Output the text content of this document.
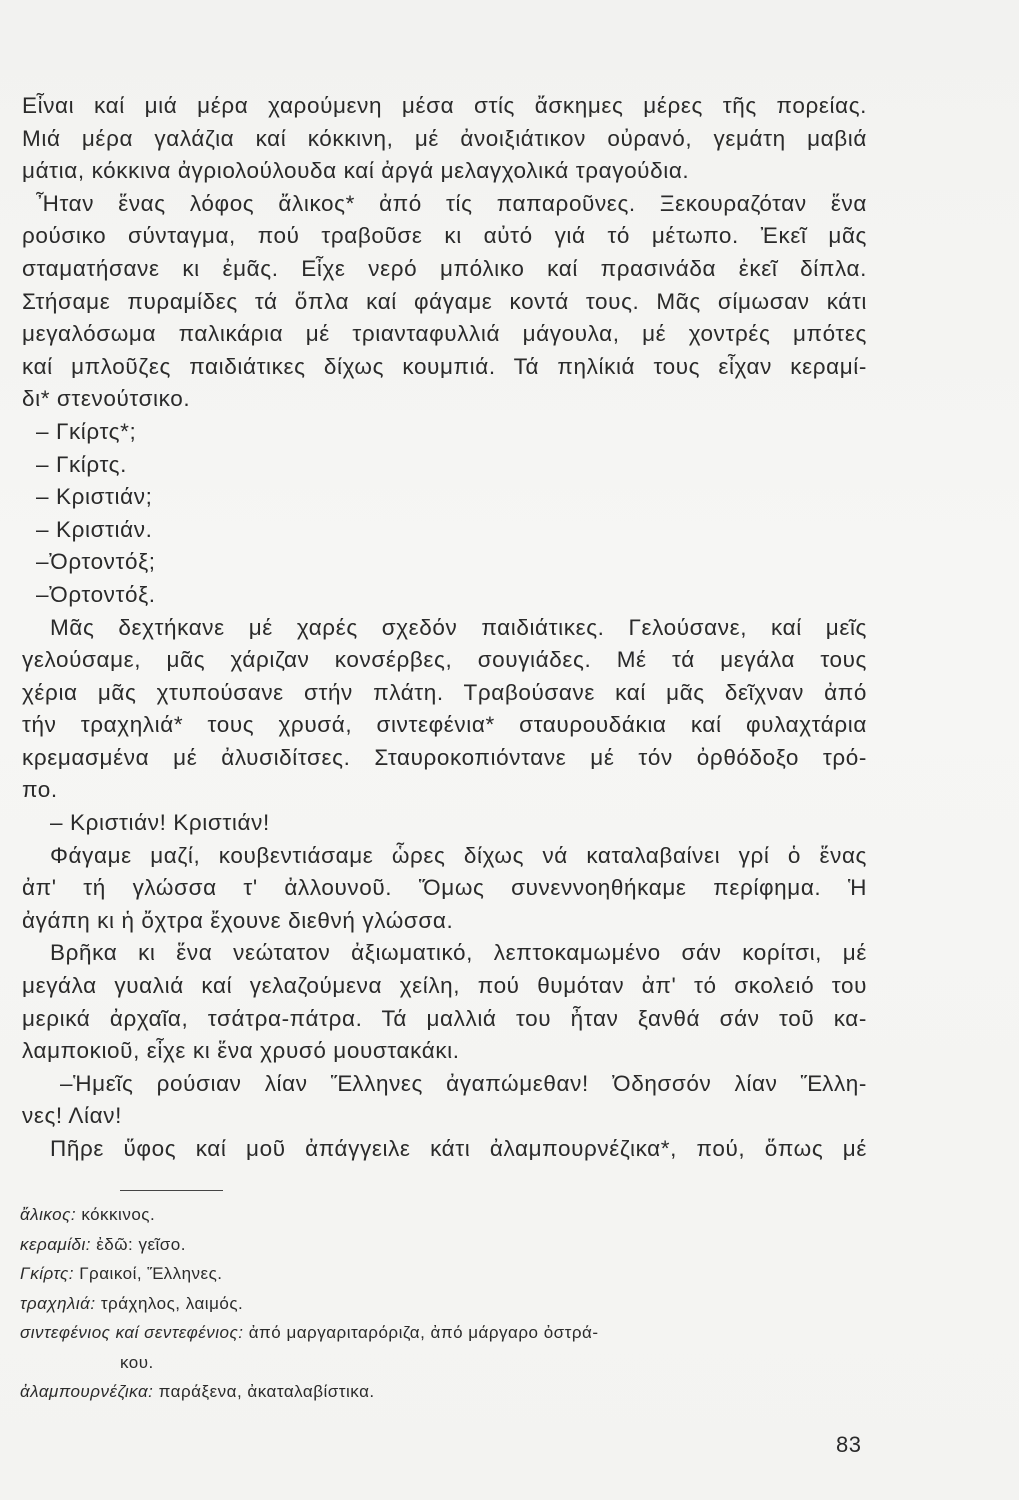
Εἶναι καί μιά μέρα χαρούμενη μέσα στίς ἄσκημες μέρες τῆς πορείας.
Μιά μέρα γαλάζια καί κόκκινη, μέ ἀνοιξιάτικον οὐρανό, γεμάτη μαβιά
μάτια, κόκκινα ἀγριολούλουδα καί ἀργά μελαγχολικά τραγούδια.
Ἦταν ἕνας λόφος ἄλικος* ἀπό τίς παπαροῦνες. Ξεκουραζόταν ἕνα
ρούσικο σύνταγμα, πού τραβοῦσε κι αὐτό γιά τό μέτωπο. Ἐκεῖ μᾶς
σταματήσανε κι ἐμᾶς. Εἶχε νερό μπόλικο καί πρασινάδα ἐκεῖ δίπλα.
Στήσαμε πυραμίδες τά ὅπλα καί φάγαμε κοντά τους. Μᾶς σίμωσαν κάτι
μεγαλόσωμα παλικάρια μέ τριανταφυλλιά μάγουλα, μέ χοντρές μπότες
καί μπλοῦζες παιδιάτικες δίχως κουμπιά. Τά πηλίκιά τους εἶχαν κεραμί-
δι* στενούτσικο.
– Γκίρτς*;
– Γκίρτς.
– Κριστιάν;
– Κριστιάν.
–Ὀρτοντόξ;
–Ὀρτοντόξ.
Μᾶς δεχτήκανε μέ χαρές σχεδόν παιδιάτικες. Γελούσανε, καί μεῖς
γελούσαμε, μᾶς χάριζαν κονσέρβες, σουγιάδες. Μέ τά μεγάλα τους
χέρια μᾶς χτυπούσανε στήν πλάτη. Τραβούσανε καί μᾶς δεῖχναν ἀπό
τήν τραχηλιά* τους χρυσά, σιντεφένια* σταυρουδάκια καί φυλαχτάρια
κρεμασμένα μέ ἀλυσιδίτσες. Σταυροκοπιόντανε μέ τόν ὀρθόδοξο τρό-
πο.
– Κριστιάν! Κριστιάν!
Φάγαμε μαζί, κουβεντιάσαμε ὧρες δίχως νά καταλαβαίνει γρί ὁ ἕνας
ἀπ' τή γλώσσα τ' ἀλλουνοῦ. Ὅμως συνεννοηθήκαμε περίφημα. Ἡ
ἀγάπη κι ἡ ὄχτρα ἔχουνε διεθνή γλώσσα.
Βρῆκα κι ἕνα νεώτατον ἀξιωματικό, λεπτοκαμωμένο σάν κορίτσι, μέ
μεγάλα γυαλιά καί γελαζούμενα χείλη, πού θυμόταν ἀπ' τό σκολειό του
μερικά ἀρχαῖα, τσάτρα-πάτρα. Τά μαλλιά του ἦταν ξανθά σάν τοῦ κα-
λαμποκιοῦ, εἶχε κι ἕνα χρυσό μουστακάκι.
–Ἡμεῖς ρούσιαν λίαν Ἕλληνες ἀγαπώμεθαν! Ὀδησσόν λίαν Ἕλλη-
νες! Λίαν!
Πῆρε ὕφος καί μοῦ ἀπάγγειλε κάτι ἀλαμπουρνέζικα*, πού, ὅπως μέ
ἄλικος: κόκκινος.
κεραμίδι: ἐδῶ: γεῖσο.
Γκίρτς: Γραικοί, Ἕλληνες.
τραχηλιά: τράχηλος, λαιμός.
σιντεφένιος καί σεντεφένιος: ἀπό μαργαριταρόριζα, ἀπό μάργαρο ὀστρά-
κου.
ἀλαμπουρνέζικα: παράξενα, ἀκαταλαβίστικα.
83
